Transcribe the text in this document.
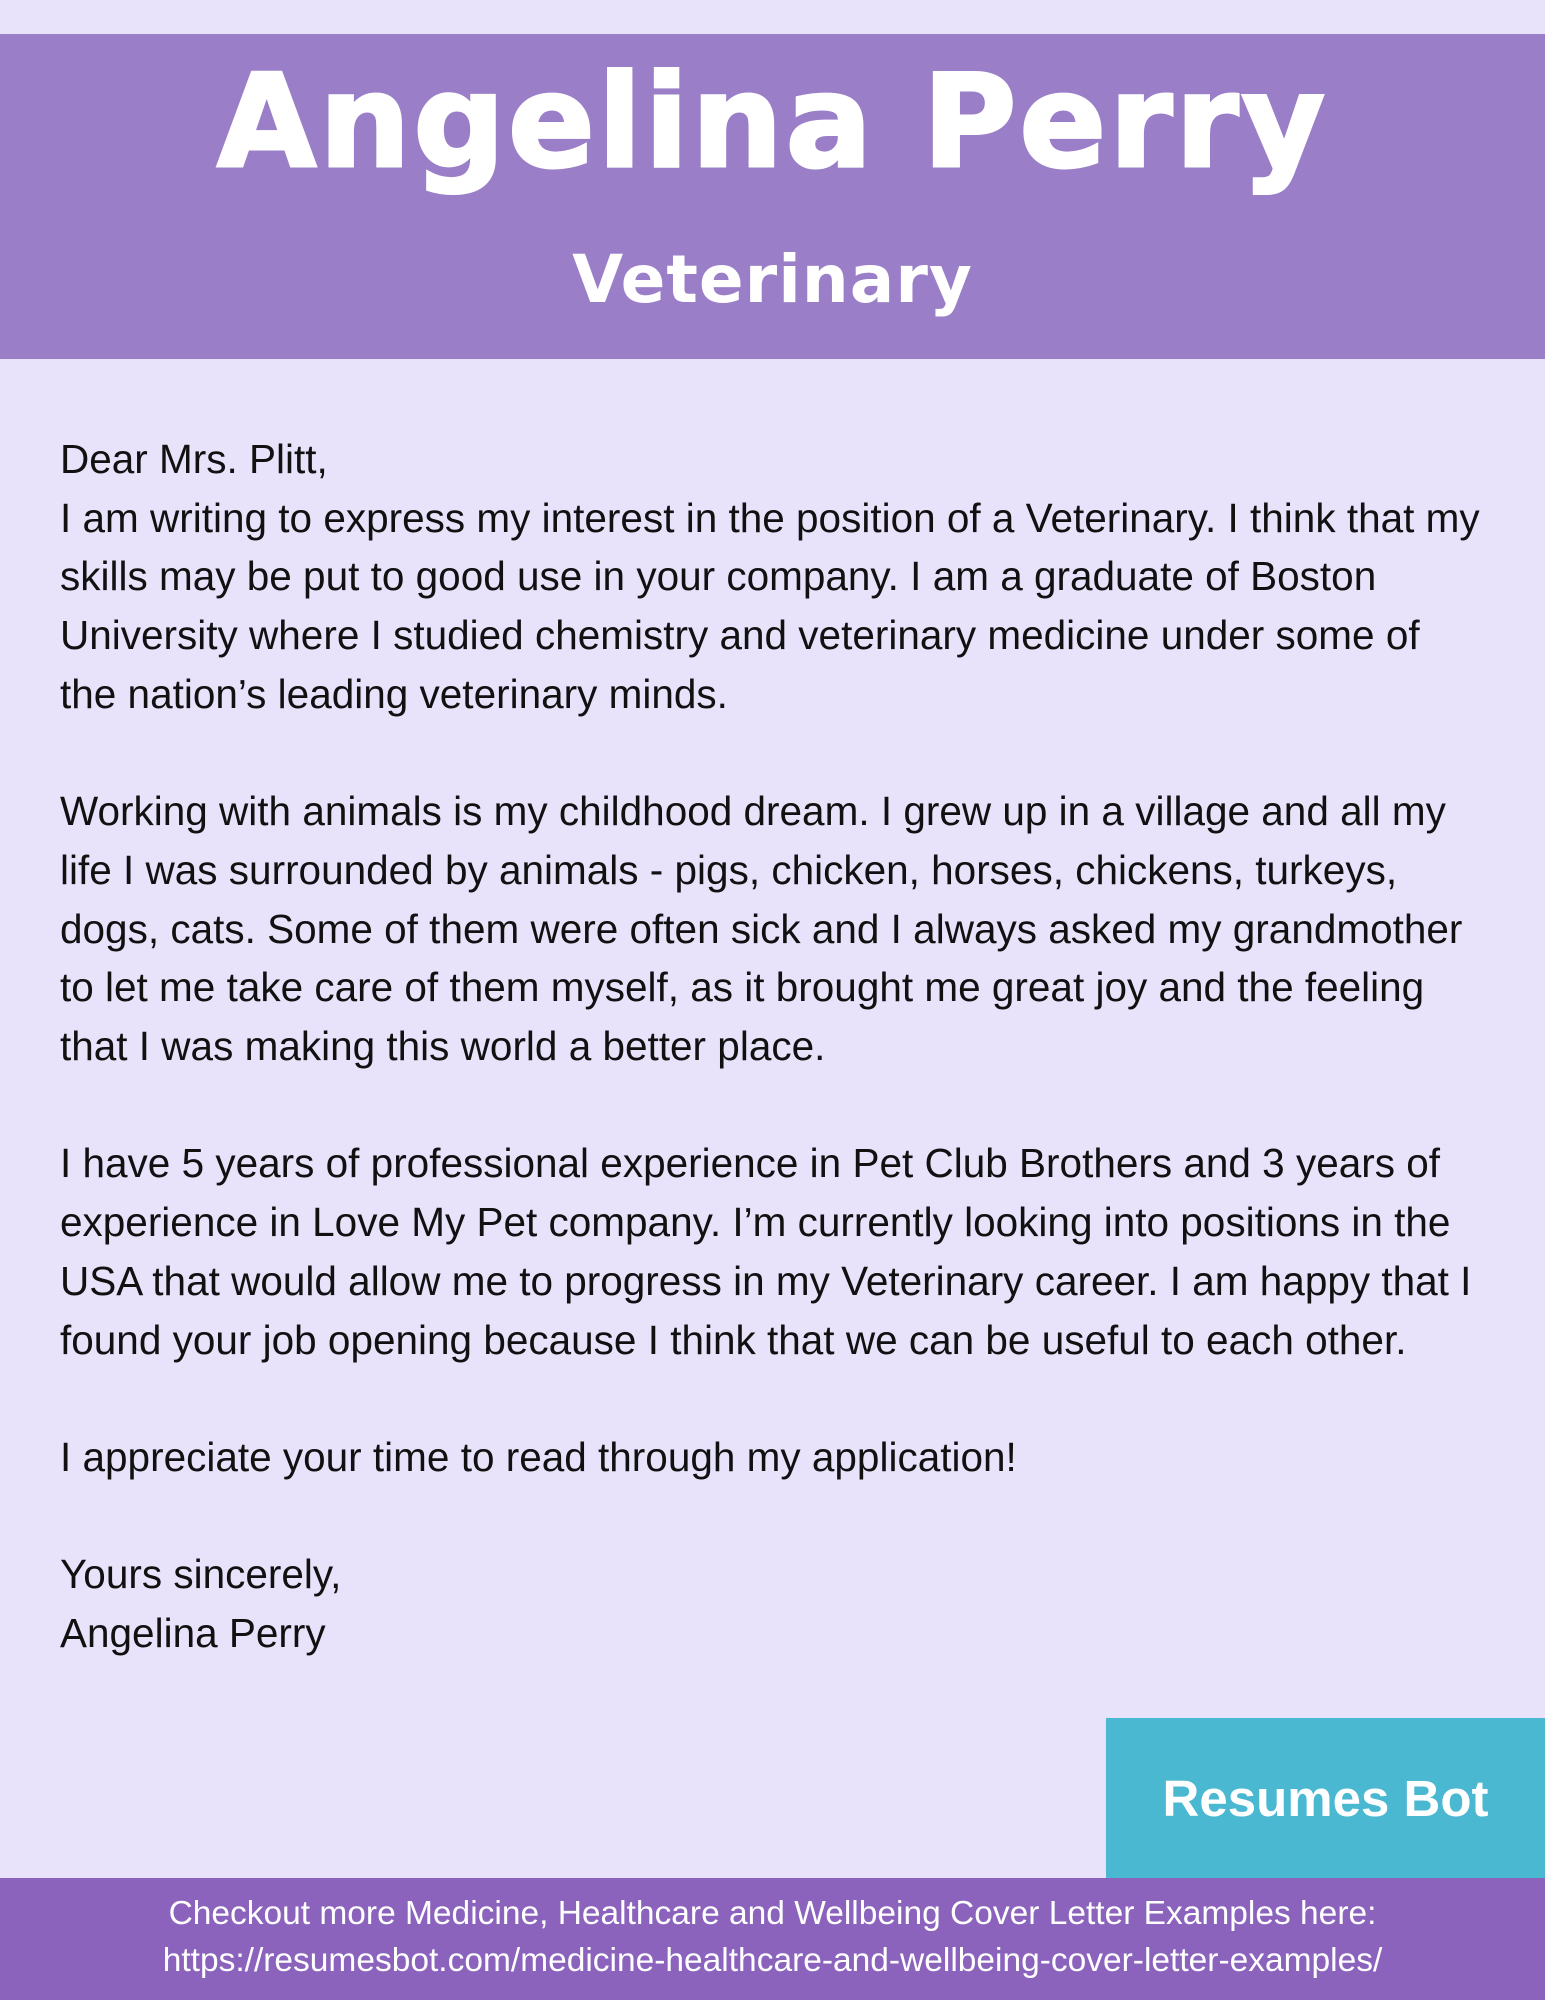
Angelina Perry
Veterinary

Dear Mrs. Plitt,

I am writing to express my interest in the position of a Veterinary. I think that my skills may be put to good use in your company. I am a graduate of Boston University where I studied chemistry and veterinary medicine under some of the nation’s leading veterinary minds.

Working with animals is my childhood dream. I grew up in a village and all my life I was surrounded by animals - pigs, chicken, horses, chickens, turkeys, dogs, cats. Some of them were often sick and I always asked my grandmother to let me take care of them myself, as it brought me great joy and the feeling that I was making this world a better place.

I have 5 years of professional experience in Pet Club Brothers and 3 years of experience in Love My Pet company. I’m currently looking into positions in the USA that would allow me to progress in my Veterinary career. I am happy that I found your job opening because I think that we can be useful to each other.

I appreciate your time to read through my application!

Yours sincerely,

Angelina Perry

Resumes Bot
Checkout more Medicine, Healthcare and Wellbeing Cover Letter Examples here:
https://resumesbot.com/medicine-healthcare-and-wellbeing-cover-letter-examples/
